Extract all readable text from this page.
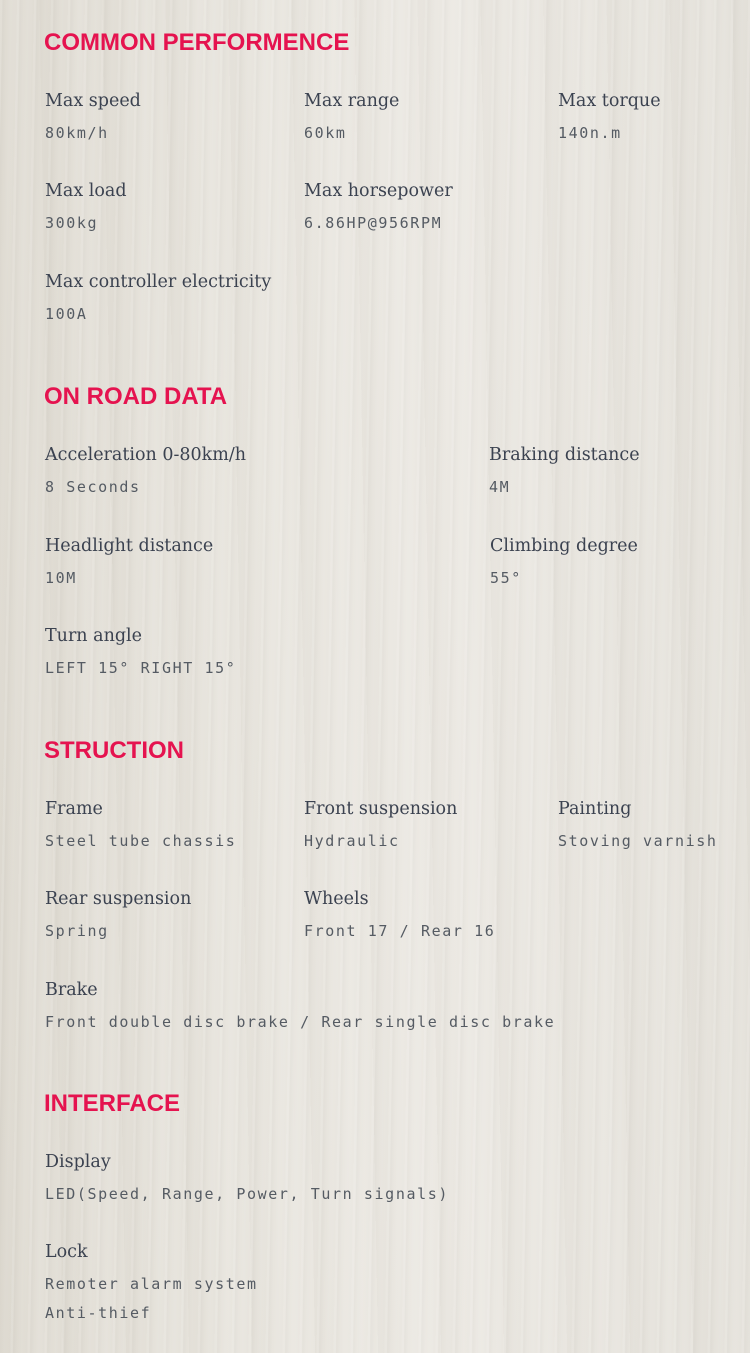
COMMON PERFORMENCE
Max speed
80km/h
Max range
60km
Max torque
140n.m
Max load
300kg
Max horsepower
6.86HP@956RPM
Max controller electricity
100A
ON ROAD DATA
Acceleration 0-80km/h
8 Seconds
Braking distance
4M
Headlight distance
10M
Climbing degree
55°
Turn angle
LEFT 15° RIGHT 15°
STRUCTION
Frame
Steel tube chassis
Front suspension
Hydraulic
Painting
Stoving varnish
Rear suspension
Spring
Wheels
Front 17 / Rear 16
Brake
Front double disc brake / Rear single disc brake
INTERFACE
Display
LED(Speed, Range, Power, Turn signals)
Lock
Remoter alarm system
Anti-thief
